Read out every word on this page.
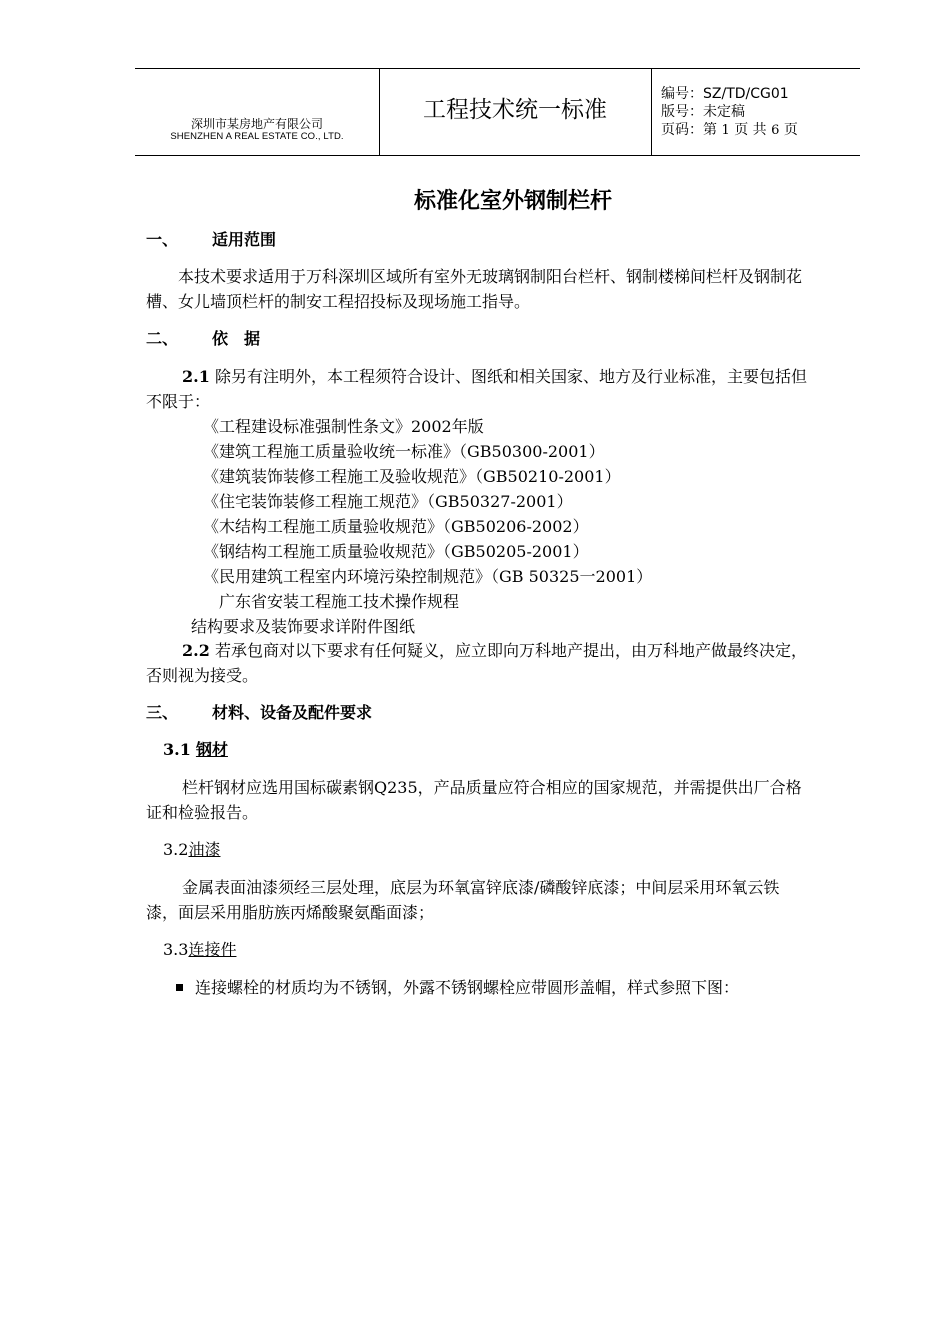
深圳市某房地产有限公司
SHENZHEN A REAL ESTATE CO., LTD.
工程技术统一标准
编号：SZ/TD/CG01
版号：未定稿
页码：第 1 页 共 6 页
标准化室外钢制栏杆
一、 适用范围
本技术要求适用于万科深圳区域所有室外无玻璃钢制阳台栏杆、钢制楼梯间栏杆及钢制花槽、女儿墙顶栏杆的制安工程招投标及现场施工指导。
二、 依　据
2.1 除另有注明外，本工程须符合设计、图纸和相关国家、地方及行业标准，主要包括但不限于：
《工程建设标准强制性条文》2002年版
《建筑工程施工质量验收统一标准》（GB50300-2001）
《建筑装饰装修工程施工及验收规范》（GB50210-2001）
《住宅装饰装修工程施工规范》（GB50327-2001）
《木结构工程施工质量验收规范》（GB50206-2002）
《钢结构工程施工质量验收规范》（GB50205-2001）
《民用建筑工程室内环境污染控制规范》（GB 50325一2001）
广东省安装工程施工技术操作规程
结构要求及装饰要求详附件图纸
2.2 若承包商对以下要求有任何疑义，应立即向万科地产提出，由万科地产做最终决定，否则视为接受。
三、 材料、设备及配件要求
3.1 钢材
栏杆钢材应选用国标碳素钢Q235，产品质量应符合相应的国家规范，并需提供出厂合格证和检验报告。
3.2油漆
金属表面油漆须经三层处理，底层为环氧富锌底漆/磷酸锌底漆；中间层采用环氧云铁漆，面层采用脂肪族丙烯酸聚氨酯面漆；
3.3连接件
连接螺栓的材质均为不锈钢，外露不锈钢螺栓应带圆形盖帽，样式参照下图：
